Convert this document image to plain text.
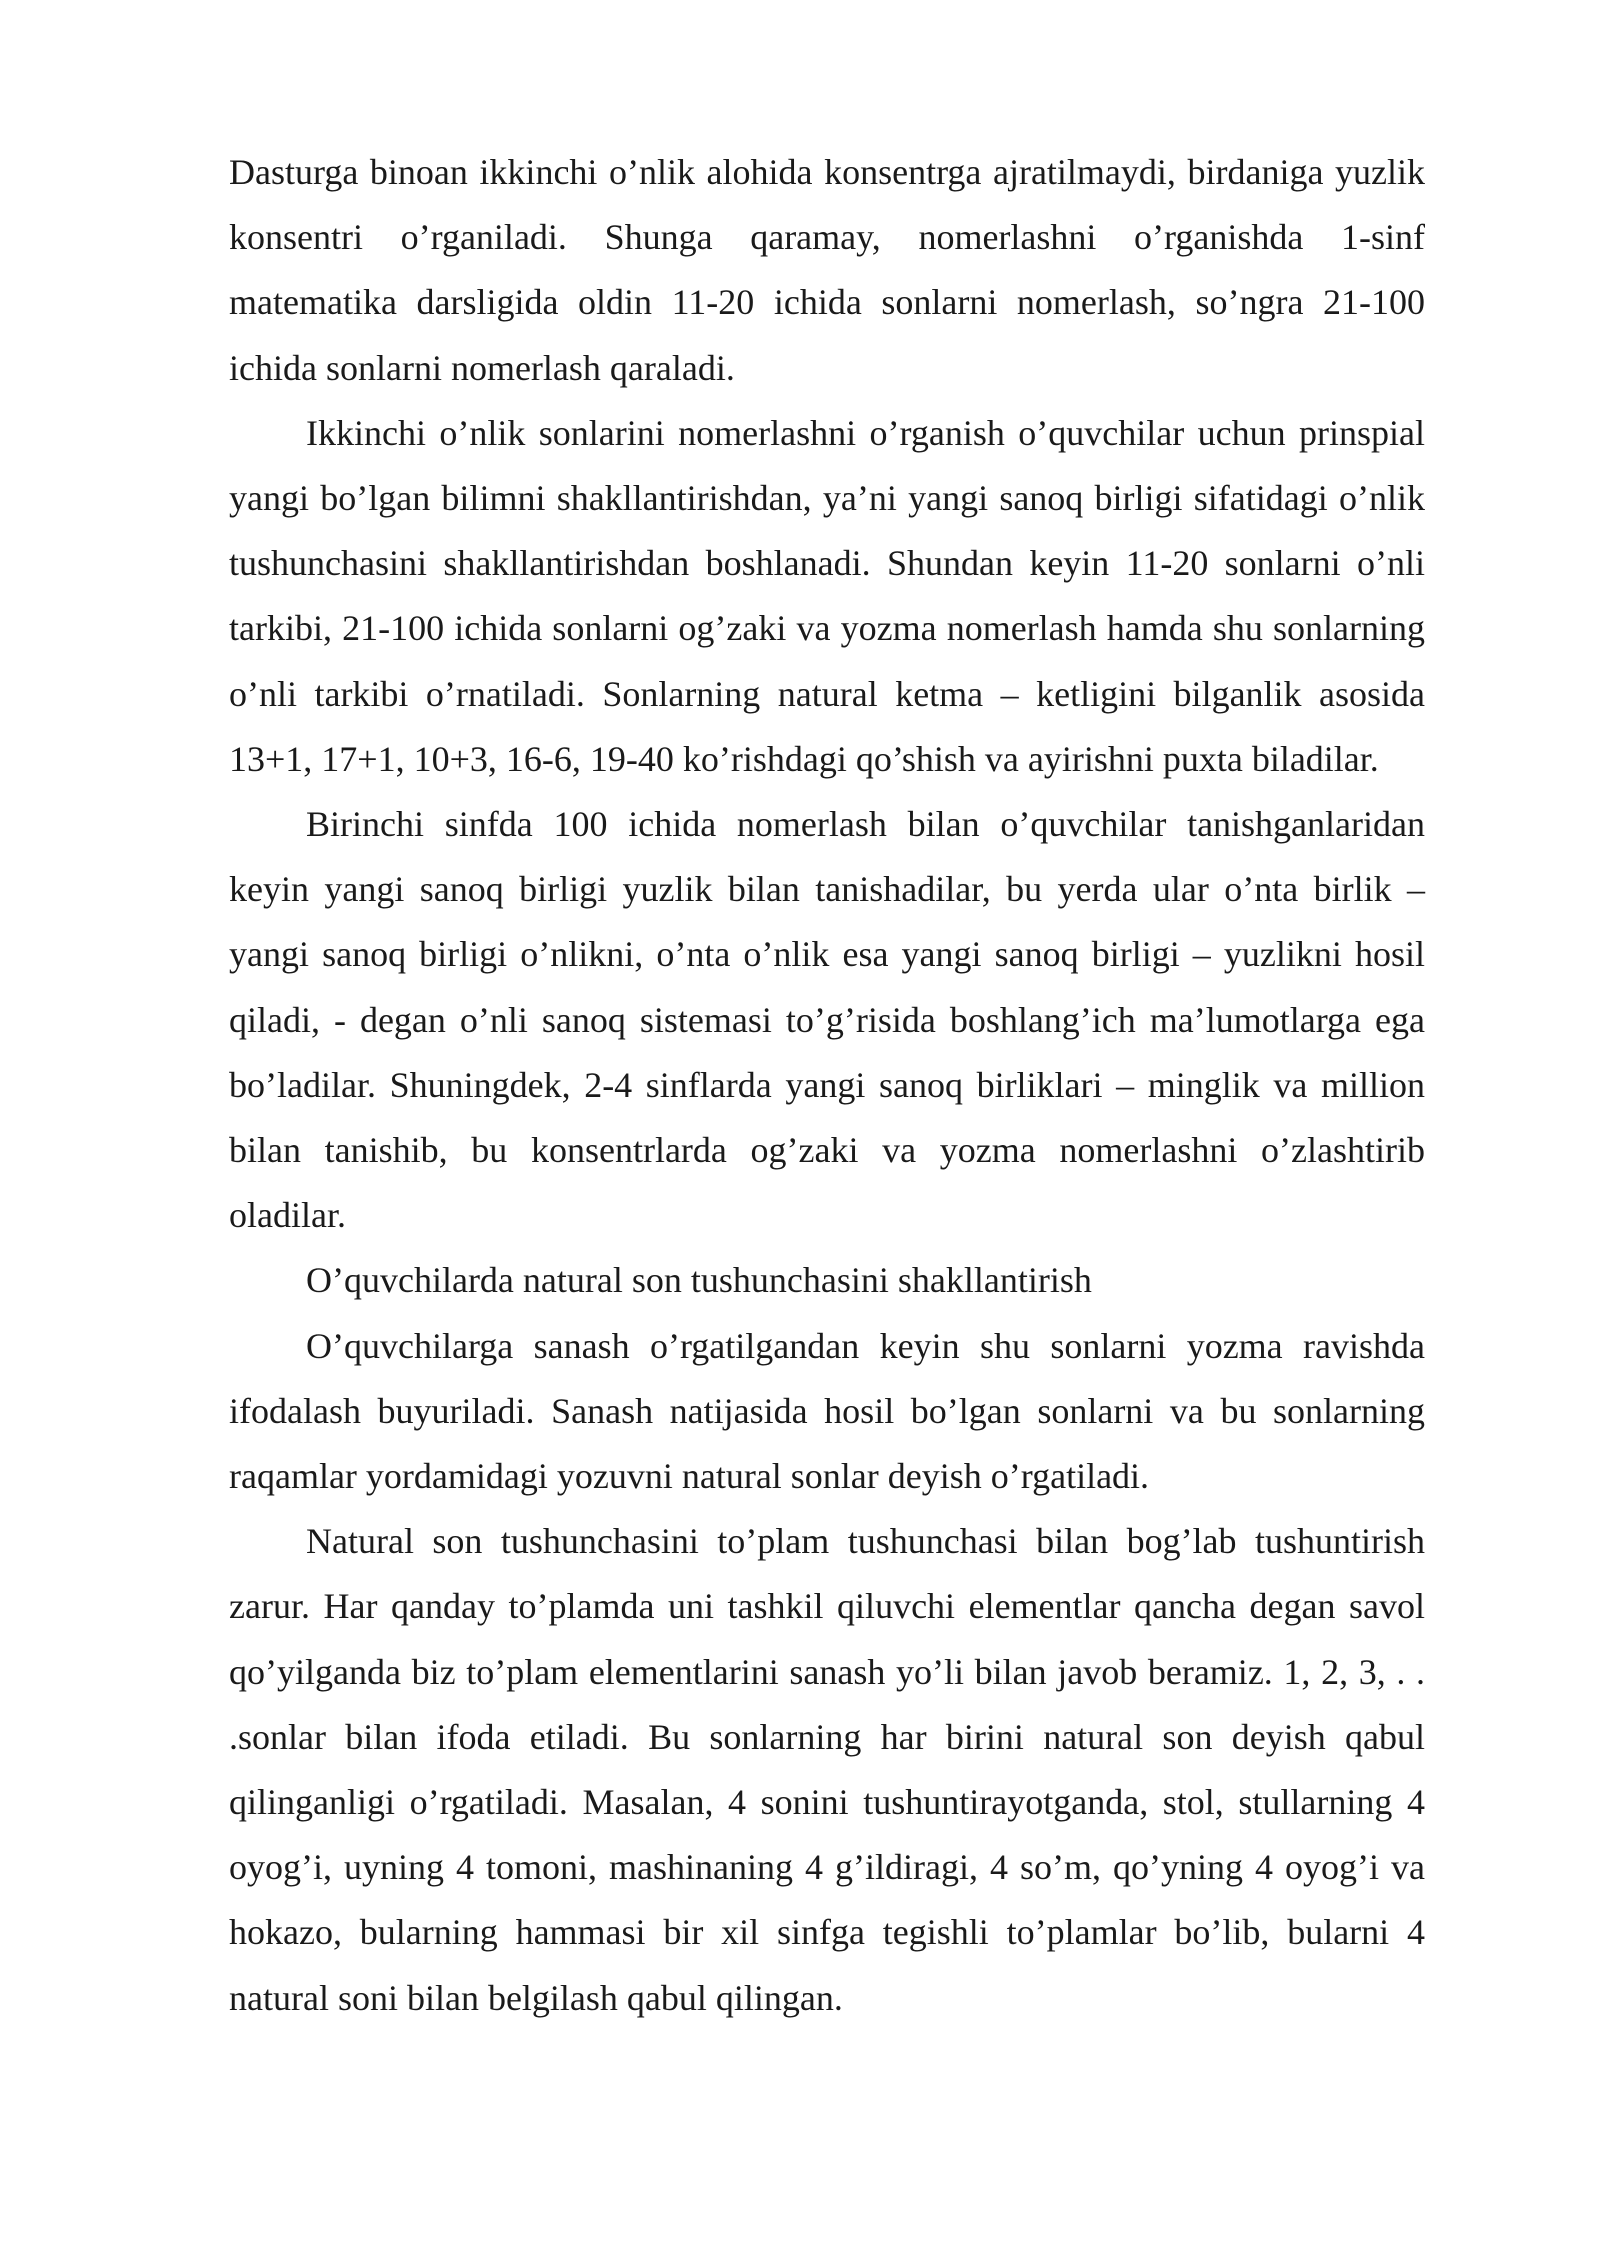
Dasturga binoan ikkinchi o’nlik alohida konsentrga ajratilmaydi, birdaniga yuzlik konsentri o’rganiladi. Shunga qaramay, nomerlashni o’rganishda 1-sinf matematika darsligida oldin 11-20 ichida sonlarni nomerlash, so’ngra 21-100 ichida sonlarni nomerlash qaraladi.

Ikkinchi o’nlik sonlarini nomerlashni o’rganish o’quvchilar uchun prinspial yangi bo’lgan bilimni shakllantirishdan, ya’ni yangi sanoq birligi sifatidagi o’nlik tushunchasini shakllantirishdan boshlanadi. Shundan keyin 11-20 sonlarni o’nli tarkibi, 21-100 ichida sonlarni og’zaki va yozma nomerlash hamda shu sonlarning o’nli tarkibi o’rnatiladi. Sonlarning natural ketma – ketligini bilganlik asosida 13+1, 17+1, 10+3, 16-6, 19-40 ko’rishdagi qo’shish va ayirishni puxta biladilar.

Birinchi sinfda 100 ichida nomerlash bilan o’quvchilar tanishganlaridan keyin yangi sanoq birligi yuzlik bilan tanishadilar, bu yerda ular o’nta birlik – yangi sanoq birligi o’nlikni, o’nta o’nlik esa yangi sanoq birligi – yuzlikni hosil qiladi, - degan o’nli sanoq sistemasi to’g’risida boshlang’ich ma’lumotlarga ega bo’ladilar. Shuningdek, 2-4 sinflarda yangi sanoq birliklari – minglik va million bilan tanishib, bu konsentrlarda og’zaki va yozma nomerlashni o’zlashtirib oladilar.

O’quvchilarda natural son tushunchasini shakllantirish

O’quvchilarga sanash o’rgatilgandan keyin shu sonlarni yozma ravishda ifodalash buyuriladi. Sanash natijasida hosil bo’lgan sonlarni va bu sonlarning raqamlar yordamidagi yozuvni natural sonlar deyish o’rgatiladi.

Natural son tushunchasini to’plam tushunchasi bilan bog’lab tushuntirish zarur. Har qanday to’plamda uni tashkil qiluvchi elementlar qancha degan savol qo’yilganda biz to’plam elementlarini sanash yo’li bilan javob beramiz. 1, 2, 3, . . .sonlar bilan ifoda etiladi. Bu sonlarning har birini natural son deyish qabul qilinganligi o’rgatiladi. Masalan, 4 sonini tushuntirayotganda, stol, stullarning 4 oyog’i, uyning 4 tomoni, mashinaning 4 g’ildiragi, 4 so’m, qo’yning 4 oyog’i va hokazo, bularning hammasi bir xil sinfga tegishli to’plamlar bo’lib, bularni 4 natural soni bilan belgilash qabul qilingan.
